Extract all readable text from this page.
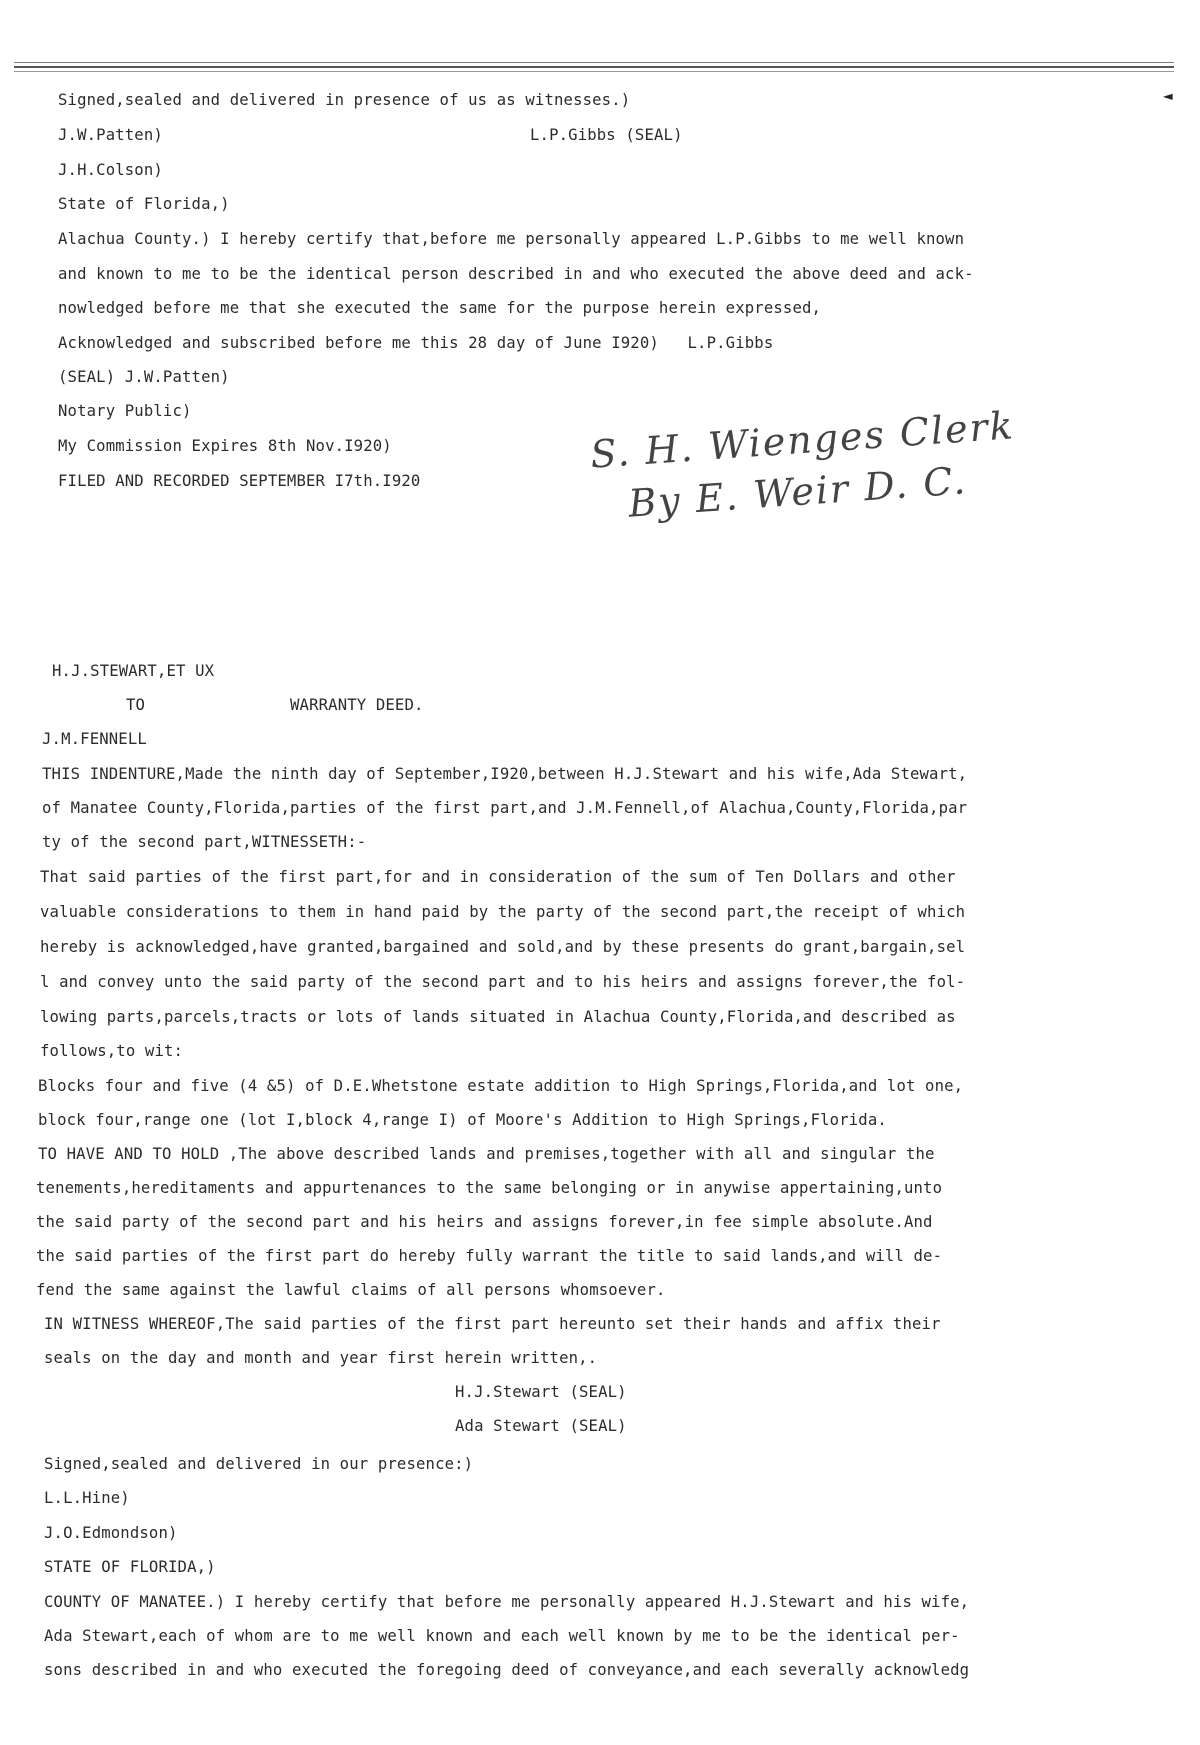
◄
Signed,sealed and delivered in presence of us as witnesses.)
J.W.Patten)	L.P.Gibbs (SEAL)
J.H.Colson)
State of Florida,)
Alachua County.) I hereby certify that,before me personally appeared L.P.Gibbs to me well known
and known to me to be the identical person described in and who executed the above deed and ack-
nowledged before me that she executed the same for the purpose herein expressed,
Acknowledged and subscribed before me this 28 day of June I920)   L.P.Gibbs
(SEAL) J.W.Patten)
Notary Public)
My Commission Expires 8th Nov.I920)
FILED AND RECORDED SEPTEMBER I7th.I920
S. H. Wienges Clerk
By E. Weir D. C.
H.J.STEWART,ET UX
TO	WARRANTY DEED.
J.M.FENNELL
THIS INDENTURE,Made the ninth day of September,I920,between H.J.Stewart and his wife,Ada Stewart,
of Manatee County,Florida,parties of the first part,and J.M.Fennell,of Alachua,County,Florida,par
ty of the second part,WITNESSETH:-
That said parties of the first part,for and in consideration of the sum of Ten Dollars and other
valuable considerations to them in hand paid by the party of the second part,the receipt of which
hereby is acknowledged,have granted,bargained and sold,and by these presents do grant,bargain,sel
l and convey unto the said party of the second part and to his heirs and assigns forever,the fol-
lowing parts,parcels,tracts or lots of lands situated in Alachua County,Florida,and described as
follows,to wit:
Blocks four and five (4 &5) of D.E.Whetstone estate addition to High Springs,Florida,and lot one,
block four,range one (lot I,block 4,range I) of Moore's Addition to High Springs,Florida.
TO HAVE AND TO HOLD ,The above described lands and premises,together with all and singular the
tenements,hereditaments and appurtenances to the same belonging or in anywise appertaining,unto
the said party of the second part and his heirs and assigns forever,in fee simple absolute.And
the said parties of the first part do hereby fully warrant the title to said lands,and will de-
fend the same against the lawful claims of all persons whomsoever.
IN WITNESS WHEREOF,The said parties of the first part hereunto set their hands and affix their
seals on the day and month and year first herein written,.
H.J.Stewart (SEAL)
Ada Stewart (SEAL)
Signed,sealed and delivered in our presence:)
L.L.Hine)
J.O.Edmondson)
STATE OF FLORIDA,)
COUNTY OF MANATEE.) I hereby certify that before me personally appeared H.J.Stewart and his wife,
Ada Stewart,each of whom are to me well known and each well known by me to be the identical per-
sons described in and who executed the foregoing deed of conveyance,and each severally acknowledg
